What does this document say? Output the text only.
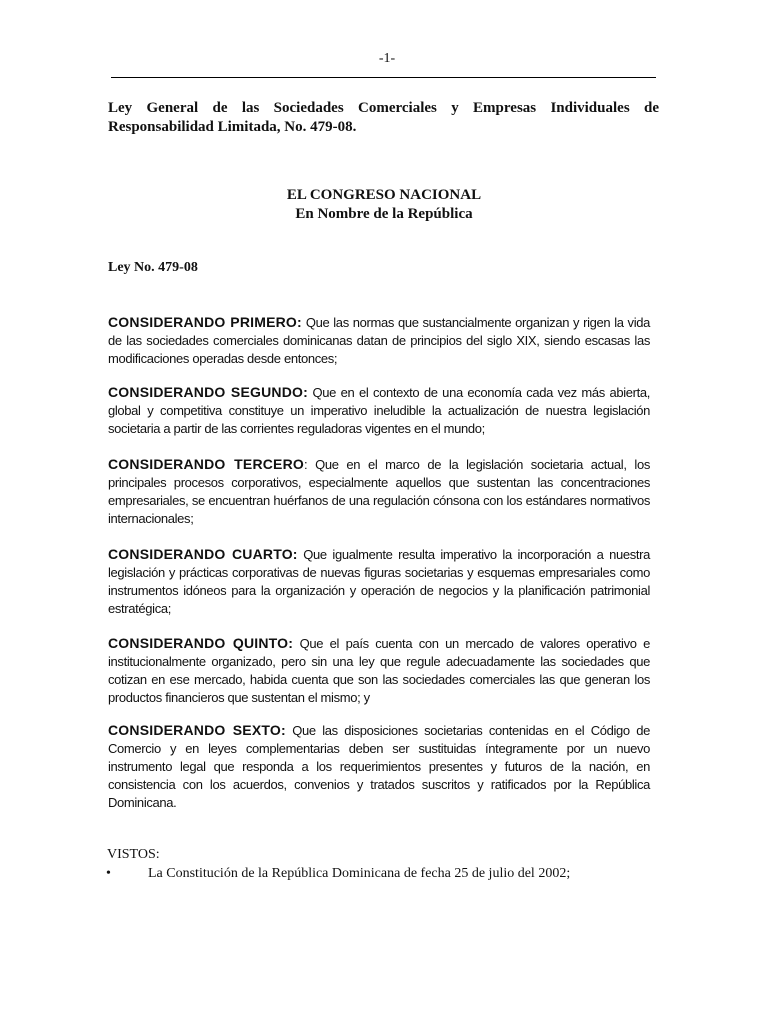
-1-
Ley General de las Sociedades Comerciales y Empresas Individuales de Responsabilidad Limitada, No. 479-08.
EL CONGRESO NACIONAL
En Nombre de la República
Ley No. 479-08
CONSIDERANDO PRIMERO: Que las normas que sustancialmente organizan y rigen la vida de las sociedades comerciales dominicanas datan de principios del siglo XIX, siendo escasas las modificaciones operadas desde entonces;
CONSIDERANDO SEGUNDO: Que en el contexto de una economía cada vez más abierta, global y competitiva constituye un imperativo ineludible la actualización de nuestra legislación societaria a partir de las corrientes reguladoras vigentes en el mundo;
CONSIDERANDO TERCERO: Que en el marco de la legislación societaria actual, los principales procesos corporativos, especialmente aquellos que sustentan las concentraciones empresariales, se encuentran huérfanos de una regulación cónsona con los estándares normativos internacionales;
CONSIDERANDO CUARTO: Que igualmente resulta imperativo la incorporación a nuestra legislación y prácticas corporativas de nuevas figuras societarias y esquemas empresariales como instrumentos idóneos para la organización y operación de negocios y la planificación patrimonial estratégica;
CONSIDERANDO QUINTO: Que el país cuenta con un mercado de valores operativo e institucionalmente organizado, pero sin una ley que regule adecuadamente las sociedades que cotizan en ese mercado, habida cuenta que son las sociedades comerciales las que generan los productos financieros que sustentan el mismo; y
CONSIDERANDO SEXTO: Que las disposiciones societarias contenidas en el Código de Comercio y en leyes complementarias deben ser sustituidas íntegramente por un nuevo instrumento legal que responda a los requerimientos presentes y futuros de la nación, en consistencia con los acuerdos, convenios y tratados suscritos y ratificados por la República Dominicana.
VISTOS:
•	La Constitución de la República Dominicana de fecha 25 de julio del 2002;
